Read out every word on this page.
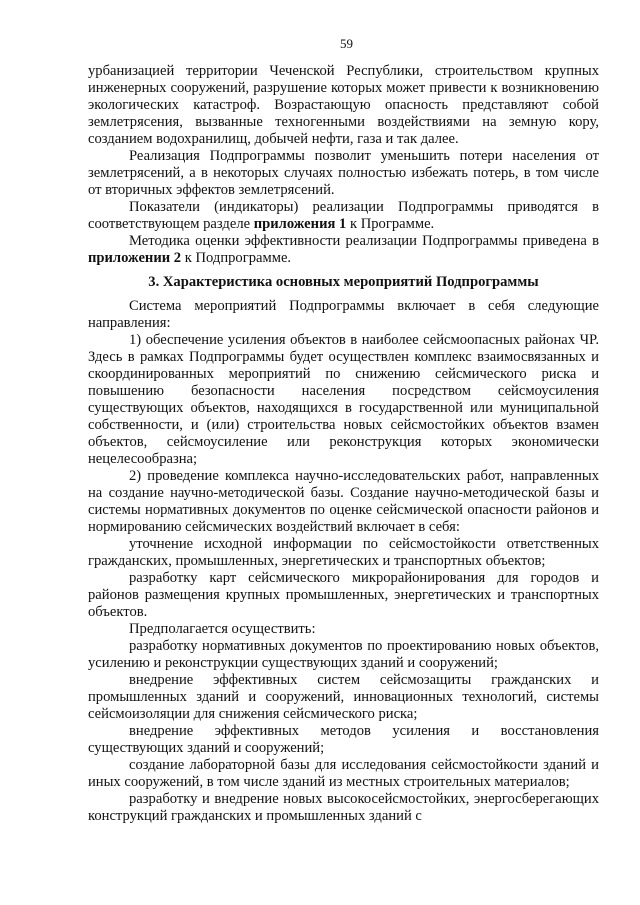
59

урбанизацией территории Чеченской Республики, строительством крупных инженерных сооружений, разрушение которых может привести к возникновению экологических катастроф. Возрастающую опасность представляют собой землетрясения, вызванные техногенными воздействиями на земную кору, созданием водохранилищ, добычей нефти, газа и так далее.

Реализация Подпрограммы позволит уменьшить потери населения от землетрясений, а в некоторых случаях полностью избежать потерь, в том числе от вторичных эффектов землетрясений.

Показатели (индикаторы) реализации Подпрограммы приводятся в соответствующем разделе приложения 1 к Программе.

Методика оценки эффективности реализации Подпрограммы приведена в приложении 2 к Подпрограмме.

3. Характеристика основных мероприятий Подпрограммы

Система мероприятий Подпрограммы включает в себя следующие направления:

1) обеспечение усиления объектов в наиболее сейсмоопасных районах ЧР. Здесь в рамках Подпрограммы будет осуществлен комплекс взаимосвязанных и скоординированных мероприятий по снижению сейсмического риска и повышению безопасности населения посредством сейсмоусиления существующих объектов, находящихся в государственной или муниципальной собственности, и (или) строительства новых сейсмостойких объектов взамен объектов, сейсмоусиление или реконструкция которых экономически нецелесообразна;

2) проведение комплекса научно-исследовательских работ, направленных на создание научно-методической базы. Создание научно-методической базы и системы нормативных документов по оценке сейсмической опасности районов и нормированию сейсмических воздействий включает в себя:

уточнение исходной информации по сейсмостойкости ответственных гражданских, промышленных, энергетических и транспортных объектов;

разработку карт сейсмического микрорайонирования для городов и районов размещения крупных промышленных, энергетических и транспортных объектов.

Предполагается осуществить:

разработку нормативных документов по проектированию новых объектов, усилению и реконструкции существующих зданий и сооружений;

внедрение эффективных систем сейсмозащиты гражданских и промышленных зданий и сооружений, инновационных технологий, системы сейсмоизоляции для снижения сейсмического риска;

внедрение эффективных методов усиления и восстановления существующих зданий и сооружений;

создание лабораторной базы для исследования сейсмостойкости зданий и иных сооружений, в том числе зданий из местных строительных материалов;

разработку и внедрение новых высокосейсмостойких, энергосберегающих конструкций гражданских и промышленных зданий с
